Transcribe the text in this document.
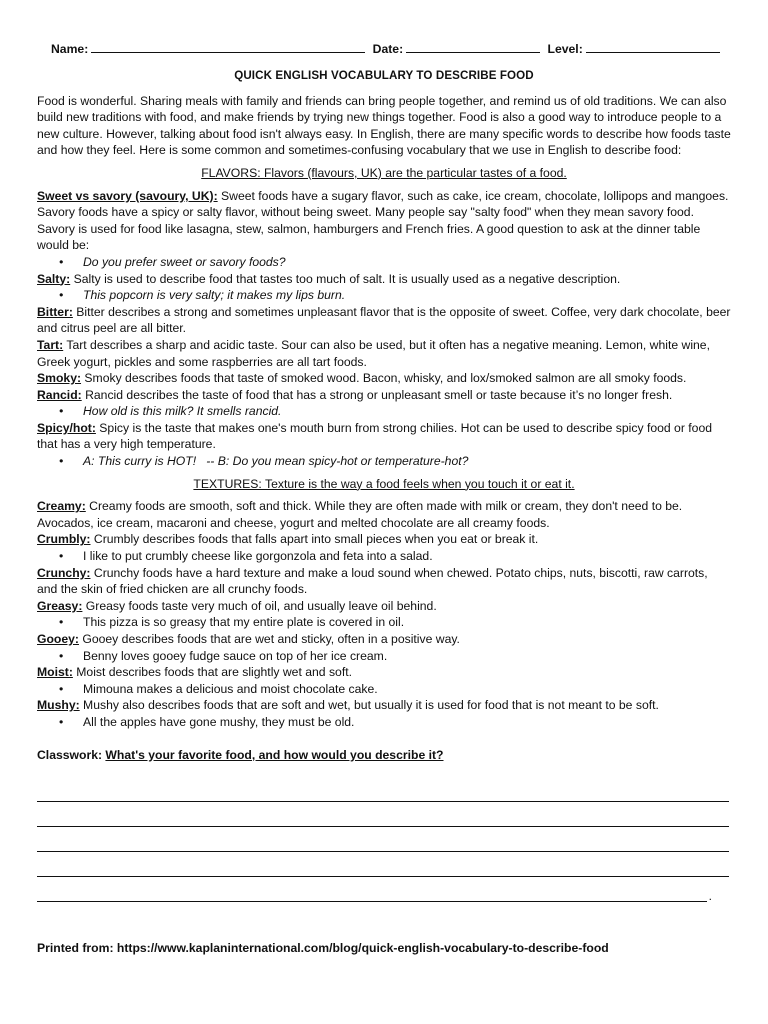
Name:	Date:	Level:
QUICK ENGLISH VOCABULARY TO DESCRIBE FOOD

Food is wonderful. Sharing meals with family and friends can bring people together, and remind us of old traditions. We can also build new traditions with food, and make friends by trying new things together. Food is also a good way to introduce people to a new culture. However, talking about food isn't always easy. In English, there are many specific words to describe how foods taste and how they feel. Here is some common and sometimes-confusing vocabulary that we use in English to describe food:

FLAVORS: Flavors (flavours, UK) are the particular tastes of a food.

Sweet vs savory (savoury, UK): Sweet foods have a sugary flavor, such as cake, ice cream, chocolate, lollipops and mangoes. Savory foods have a spicy or salty flavor, without being sweet. Many people say "salty food" when they mean savory food. Savory is used for food like lasagna, stew, salmon, hamburgers and French fries. A good question to ask at the dinner table would be:

• Do you prefer sweet or savory foods?

Salty: Salty is used to describe food that tastes too much of salt. It is usually used as a negative description.

• This popcorn is very salty; it makes my lips burn.

Bitter: Bitter describes a strong and sometimes unpleasant flavor that is the opposite of sweet. Coffee, very dark chocolate, beer and citrus peel are all bitter.

Tart: Tart describes a sharp and acidic taste. Sour can also be used, but it often has a negative meaning. Lemon, white wine, Greek yogurt, pickles and some raspberries are all tart foods.

Smoky: Smoky describes foods that taste of smoked wood. Bacon, whisky, and lox/smoked salmon are all smoky foods.

Rancid: Rancid describes the taste of food that has a strong or unpleasant smell or taste because it’s no longer fresh.

• How old is this milk? It smells rancid.

Spicy/hot: Spicy is the taste that makes one's mouth burn from strong chilies. Hot can be used to describe spicy food or food that has a very high temperature.

• A: This curry is HOT!   -- B: Do you mean spicy-hot or temperature-hot?
TEXTURES: Texture is the way a food feels when you touch it or eat it.

Creamy: Creamy foods are smooth, soft and thick. While they are often made with milk or cream, they don't need to be. Avocados, ice cream, macaroni and cheese, yogurt and melted chocolate are all creamy foods.

Crumbly: Crumbly describes foods that falls apart into small pieces when you eat or break it.

• I like to put crumbly cheese like gorgonzola and feta into a salad.

Crunchy: Crunchy foods have a hard texture and make a loud sound when chewed. Potato chips, nuts, biscotti, raw carrots, and the skin of fried chicken are all crunchy foods.

Greasy: Greasy foods taste very much of oil, and usually leave oil behind.

• This pizza is so greasy that my entire plate is covered in oil.

Gooey: Gooey describes foods that are wet and sticky, often in a positive way.

• Benny loves gooey fudge sauce on top of her ice cream.

Moist: Moist describes foods that are slightly wet and soft.

• Mimouna makes a delicious and moist chocolate cake.

Mushy: Mushy also describes foods that are soft and wet, but usually it is used for food that is not meant to be soft.

• All the apples have gone mushy, they must be old.
Classwork: What's your favorite food, and how would you describe it?
.
Printed from: https://www.kaplaninternational.com/blog/quick-english-vocabulary-to-describe-food
